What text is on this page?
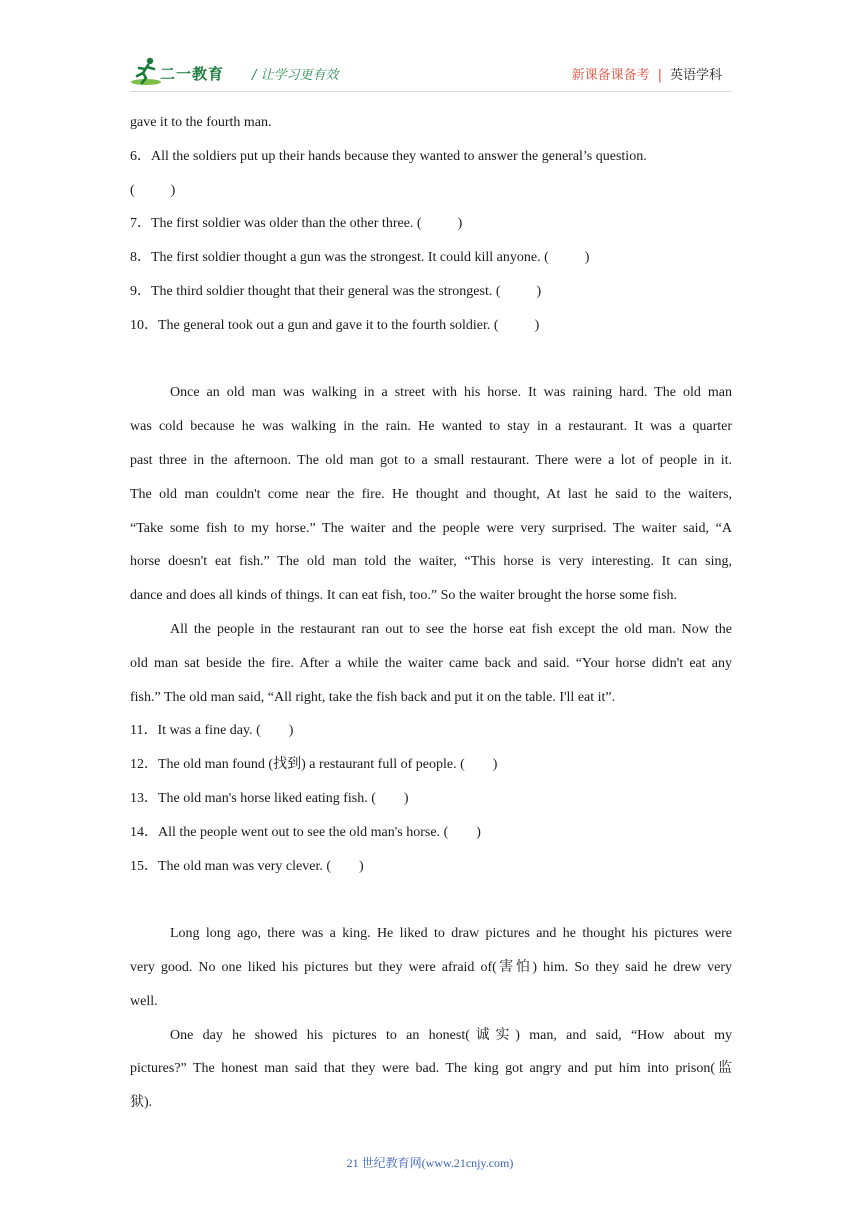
二一教育 / 让学习更有效	新课备课备考 | 英语学科
gave it to the fourth man.
6．All the soldiers put up their hands because they wanted to answer the general’s question.
(	)
7．The first soldier was older than the other three. (	)
8．The first soldier thought a gun was the strongest. It could kill anyone. (	)
9．The third soldier thought that their general was the strongest. (	)
10．The general took out a gun and gave it to the fourth soldier. (	)
Once an old man was walking in a street with his horse. It was raining hard. The old man
was cold because he was walking in the rain. He wanted to stay in a restaurant. It was a quarter
past three in the afternoon. The old man got to a small restaurant. There were a lot of people in it.
The old man couldn't come near the fire. He thought and thought, At last he said to the waiters,
“Take some fish to my horse.” The waiter and the people were very surprised. The waiter said, “A
horse doesn't eat fish.” The old man told the waiter, “This horse is very interesting. It can sing,
dance and does all kinds of things. It can eat fish, too.” So the waiter brought the horse some fish.
All the people in the restaurant ran out to see the horse eat fish except the old man. Now the
old man sat beside the fire. After a while the waiter came back and said. “Your horse didn't eat any
fish.” The old man said, “All right, take the fish back and put it on the table. I'll eat it”.
11．It was a fine day. ( )
12．The old man found (找到) a restaurant full of people. ( )
13．The old man's horse liked eating fish. ( )
14．All the people went out to see the old man's horse. ( )
15．The old man was very clever. ( )
Long long ago, there was a king. He liked to draw pictures and he thought his pictures were
very good. No one liked his pictures but they were afraid of(害怕) him. So they said he drew very
well.
One day he showed his pictures to an honest(诚实) man, and said, “How about my
pictures?” The honest man said that they were bad. The king got angry and put him into prison(监
狱).
21 世纪教育网(www.21cnjy.com)
